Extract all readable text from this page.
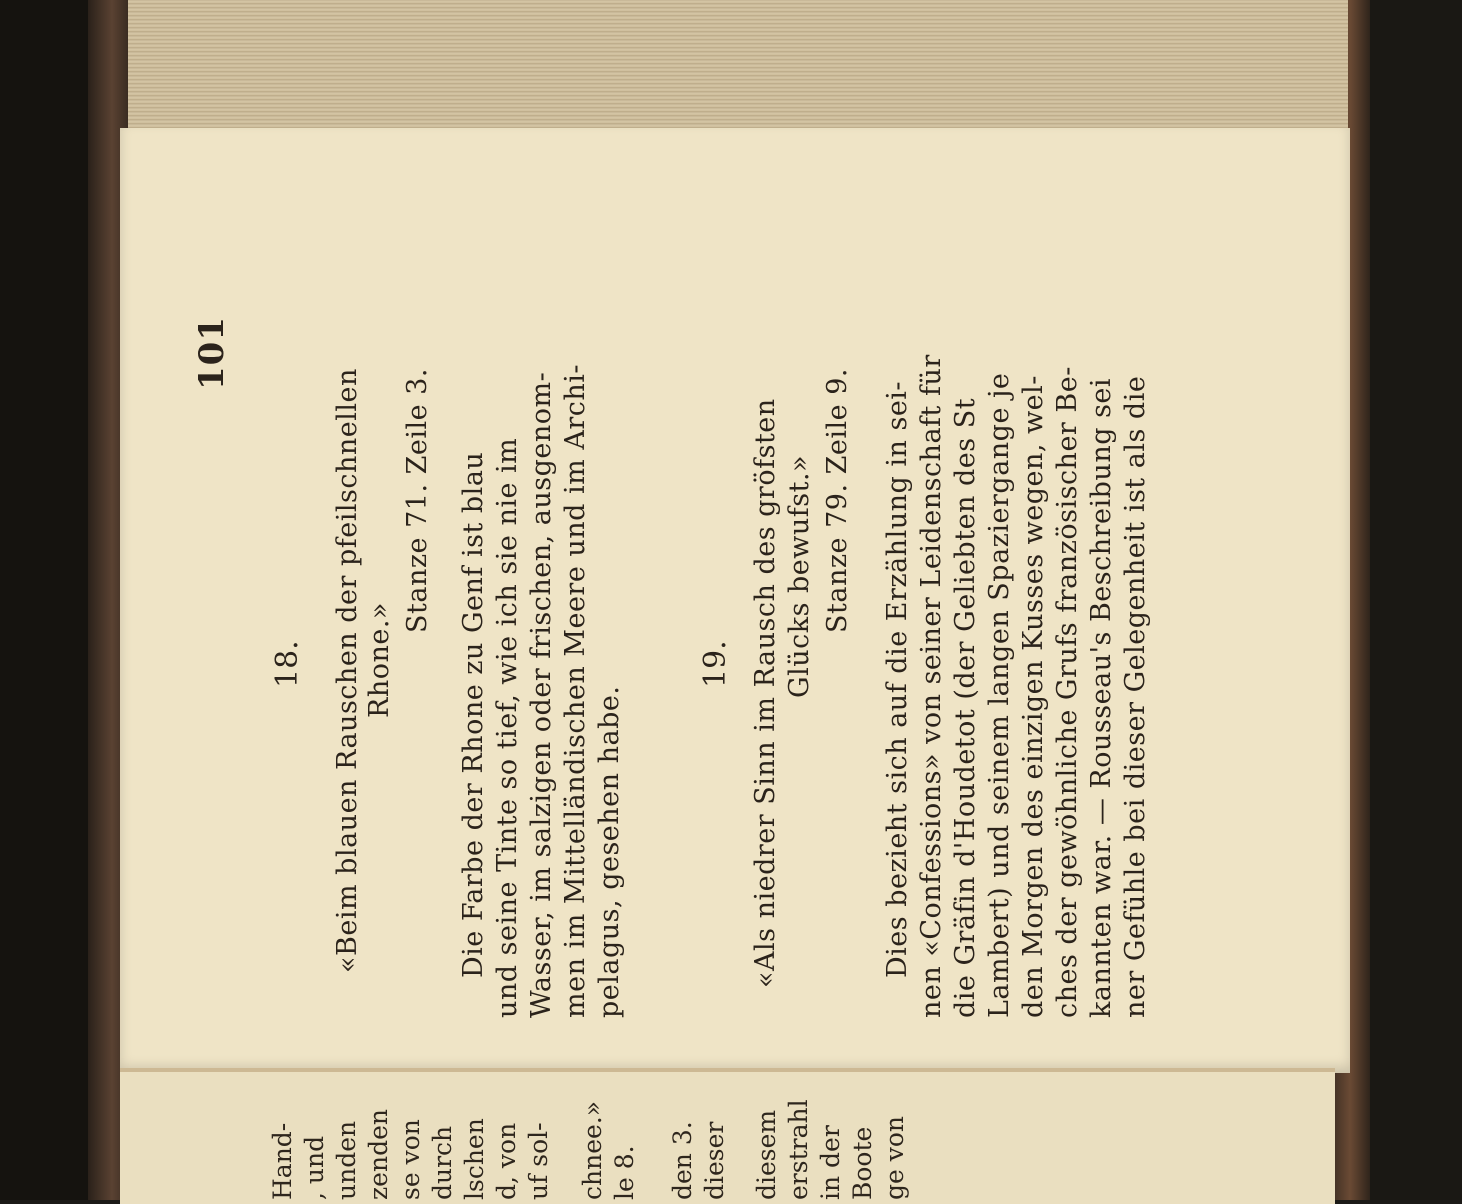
101
18. «Beim blauen Rauschen der pfeilschnellen Rhone.»
Stanze 71. Zeile 3. Die Farbe der Rhone zu Genf ist blau und seine Tinte so tief, wie ich sie nie im Wasser, im salzigen oder frischen, ausgenom- men im Mittelländischen Meere und im Archi- pelagus, gesehen habe.
19. «Als niedrer Sinn im Rausch des gröfsten Glücks bewufst.» Stanze 79. Zeile 9. Dies bezieht sich auf die Erzählung in sei- nen «Confessions» von seiner Leidenschaft für die Gräfin d'Houdetot (der Geliebten des St Lambert) und seinem langen Spaziergange je den Morgen des einzigen Kusses wegen, wel- ches der gewöhnliche Grufs französischer Be- kannten war. — Rousseau's Beschreibung sei ner Gefühle bei dieser Gelegenheit ist als die
Hand- , und unden zenden se von durch lschen d, von uf sol- chnee.» le 8. den 3. dieser diesem erstrahl in der Boote ge von
